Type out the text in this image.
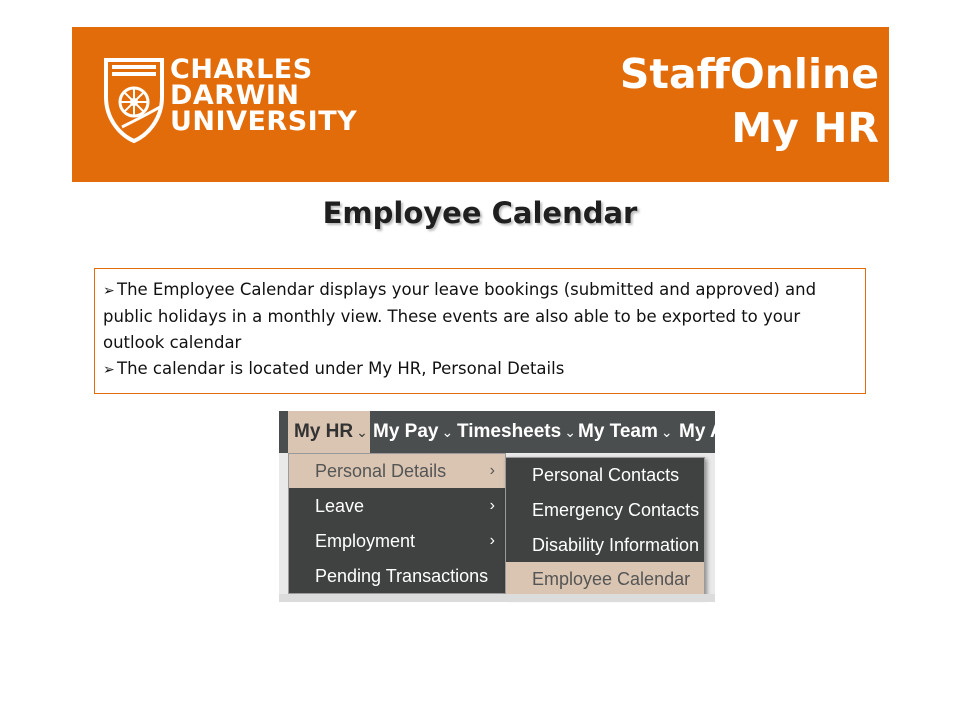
CHARLES
DARWIN
UNIVERSITY
StaffOnline
My HR
Employee Calendar
➢ The Employee Calendar displays your leave bookings (submitted and approved) and public holidays in a monthly view. These events are also able to be exported to your outlook calendar
➢ The calendar is located under My HR, Personal Details
My HR ⌄ My Pay ⌄ Timesheets ⌄ My Team ⌄ My A
Personal Details	›
Leave	›
Employment	›
Pending Transactions
Personal Contacts
Emergency Contacts
Disability Information
Employee Calendar
